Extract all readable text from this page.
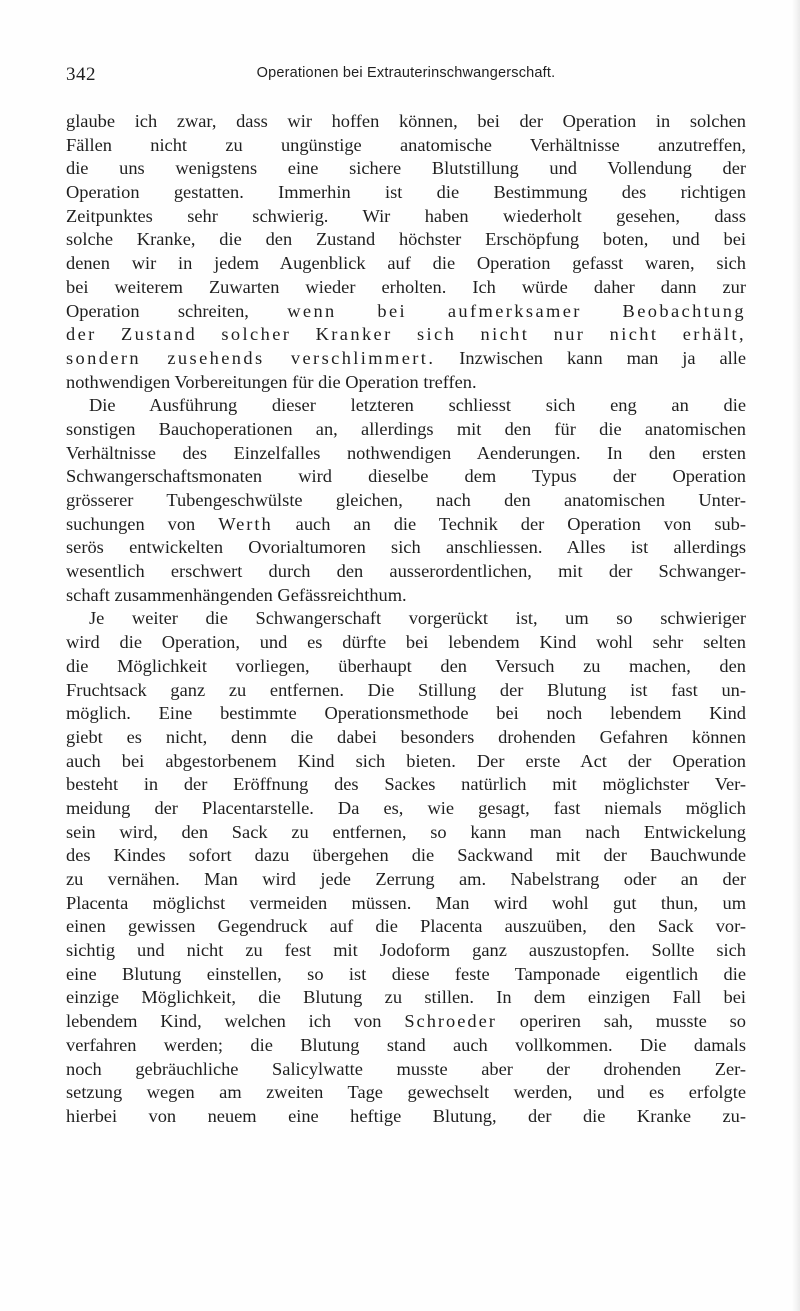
342	Operationen bei Extrauterinschwangerschaft.
glaube ich zwar, dass wir hoffen können, bei der Operation in solchen
Fällen nicht zu ungünstige anatomische Verhältnisse anzutreffen,
die uns wenigstens eine sichere Blutstillung und Vollendung der
Operation gestatten. Immerhin ist die Bestimmung des richtigen
Zeitpunktes sehr schwierig. Wir haben wiederholt gesehen, dass
solche Kranke, die den Zustand höchster Erschöpfung boten, und bei
denen wir in jedem Augenblick auf die Operation gefasst waren, sich
bei weiterem Zuwarten wieder erholten. Ich würde daher dann zur
Operation schreiten, wenn bei aufmerksamer Beobachtung
der Zustand solcher Kranker sich nicht nur nicht erhält,
sondern zusehends verschlimmert. Inzwischen kann man ja alle
nothwendigen Vorbereitungen für die Operation treffen.
Die Ausführung dieser letzteren schliesst sich eng an die
sonstigen Bauchoperationen an, allerdings mit den für die anatomischen
Verhältnisse des Einzelfalles nothwendigen Aenderungen. In den ersten
Schwangerschaftsmonaten wird dieselbe dem Typus der Operation
grösserer Tubengeschwülste gleichen, nach den anatomischen Unter-
suchungen von Werth auch an die Technik der Operation von sub-
serös entwickelten Ovorialtumoren sich anschliessen. Alles ist allerdings
wesentlich erschwert durch den ausserordentlichen, mit der Schwanger-
schaft zusammenhängenden Gefässreichthum.
Je weiter die Schwangerschaft vorgerückt ist, um so schwieriger
wird die Operation, und es dürfte bei lebendem Kind wohl sehr selten
die Möglichkeit vorliegen, überhaupt den Versuch zu machen, den
Fruchtsack ganz zu entfernen. Die Stillung der Blutung ist fast un-
möglich. Eine bestimmte Operationsmethode bei noch lebendem Kind
giebt es nicht, denn die dabei besonders drohenden Gefahren können
auch bei abgestorbenem Kind sich bieten. Der erste Act der Operation
besteht in der Eröffnung des Sackes natürlich mit möglichster Ver-
meidung der Placentarstelle. Da es, wie gesagt, fast niemals möglich
sein wird, den Sack zu entfernen, so kann man nach Entwickelung
des Kindes sofort dazu übergehen die Sackwand mit der Bauchwunde
zu vernähen. Man wird jede Zerrung am. Nabelstrang oder an der
Placenta möglichst vermeiden müssen. Man wird wohl gut thun, um
einen gewissen Gegendruck auf die Placenta auszuüben, den Sack vor-
sichtig und nicht zu fest mit Jodoform ganz auszustopfen. Sollte sich
eine Blutung einstellen, so ist diese feste Tamponade eigentlich die
einzige Möglichkeit, die Blutung zu stillen. In dem einzigen Fall bei
lebendem Kind, welchen ich von Schroeder operiren sah, musste so
verfahren werden; die Blutung stand auch vollkommen. Die damals
noch gebräuchliche Salicylwatte musste aber der drohenden Zer-
setzung wegen am zweiten Tage gewechselt werden, und es erfolgte
hierbei von neuem eine heftige Blutung, der die Kranke zu-
